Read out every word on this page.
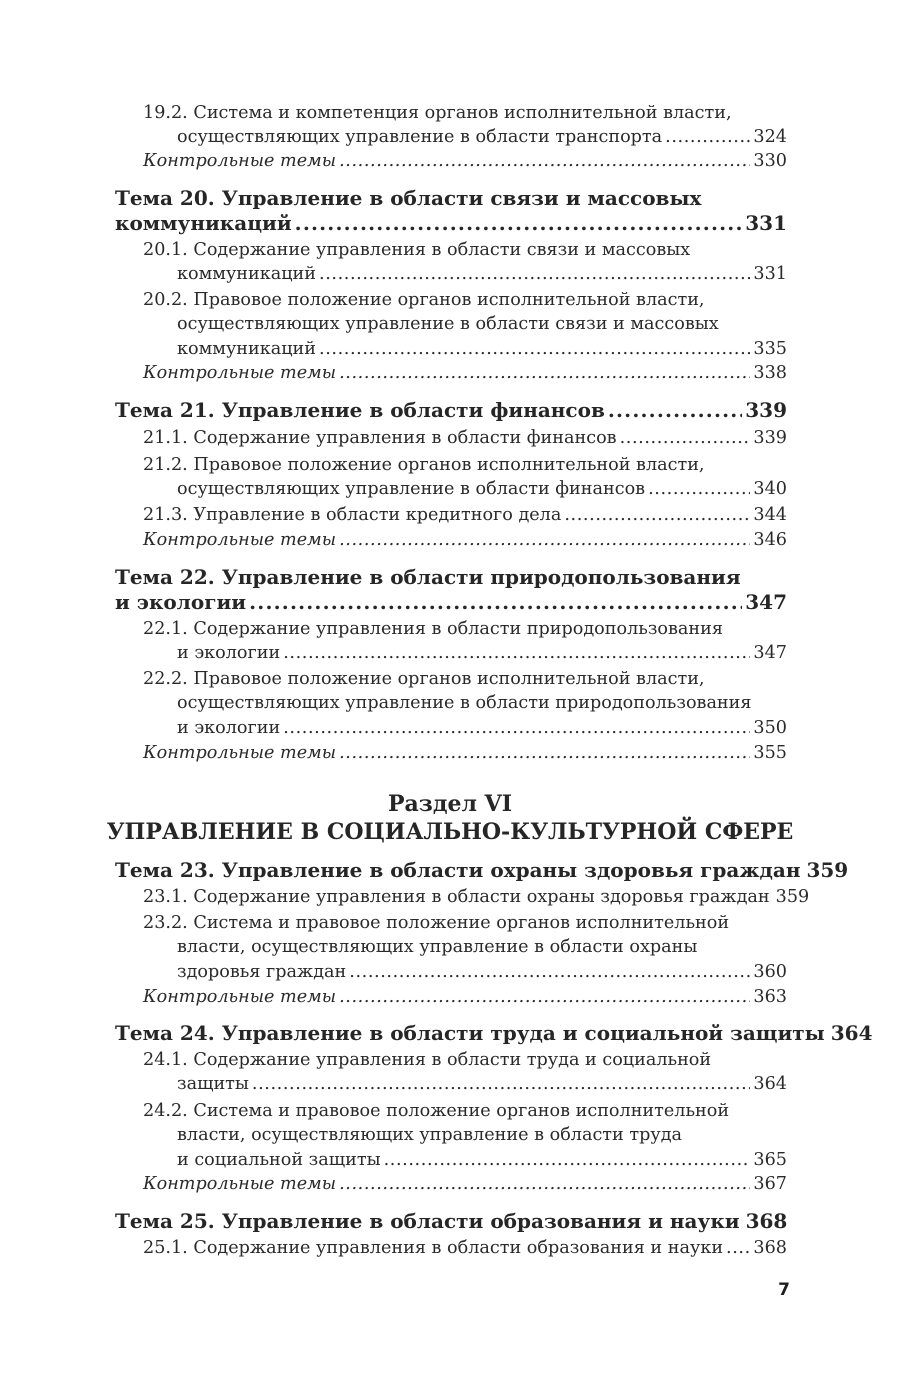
19.2. Система и компетенция органов исполнительной власти,
осуществляющих управление в области транспорта .....	324
Контрольные темы .....	330
Тема 20. Управление в области связи и массовых
коммуникаций .....	331
20.1. Содержание управления в области связи и массовых
коммуникаций .....	331
20.2. Правовое положение органов исполнительной власти,
осуществляющих управление в области связи и массовых
коммуникаций .....	335
Контрольные темы .....	338
Тема 21. Управление в области финансов .....	339
21.1. Содержание управления в области финансов .....	339
21.2. Правовое положение органов исполнительной власти,
осуществляющих управление в области финансов .....	340
21.3. Управление в области кредитного дела .....	344
Контрольные темы .....	346
Тема 22. Управление в области природопользования
и экологии .....	347
22.1. Содержание управления в области природопользования
и экологии .....	347
22.2. Правовое положение органов исполнительной власти,
осуществляющих управление в области природопользования
и экологии .....	350
Контрольные темы .....	355
Раздел VI
УПРАВЛЕНИЕ В СОЦИАЛЬНО-КУЛЬТУРНОЙ СФЕРЕ
Тема 23. Управление в области охраны здоровья граждан 359
23.1. Содержание управления в области охраны здоровья граждан 359
23.2. Система и правовое положение органов исполнительной
власти, осуществляющих управление в области охраны
здоровья граждан .....	360
Контрольные темы .....	363
Тема 24. Управление в области труда и социальной защиты 364
24.1. Содержание управления в области труда и социальной
защиты .....	364
24.2. Система и правовое положение органов исполнительной
власти, осуществляющих управление в области труда
и социальной защиты .....	365
Контрольные темы .....	367
Тема 25. Управление в области образования и науки 368
25.1. Содержание управления в области образования и науки ..... 368
7
